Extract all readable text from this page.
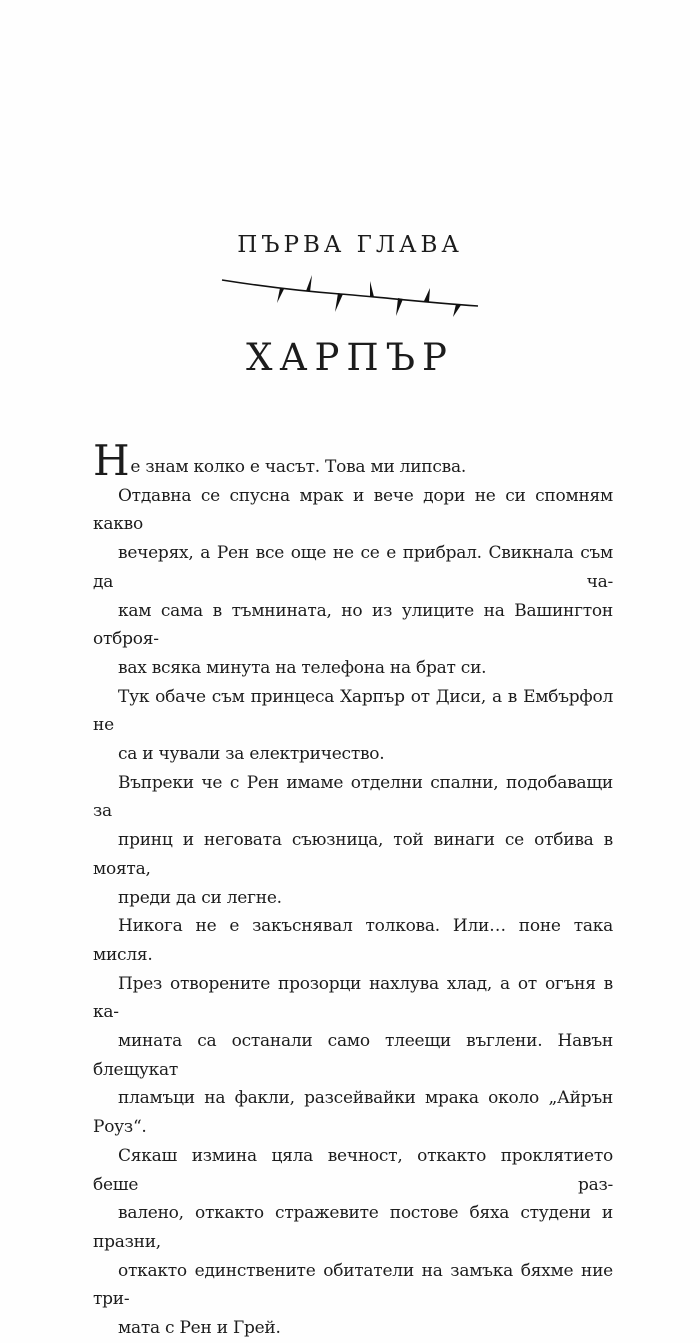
ПЪРВА ГЛАВА
ХАРПЪР

Не знам колко е часът. Това ми липсва.

Отдавна се спусна мрак и вече дори не си спомням какво
вечерях, а Рен все още не се е прибрал. Свикнала съм да ча-
кам сама в тъмнината, но из улиците на Вашингтон отброя-
вах всяка минута на телефона на брат си.

Тук обаче съм принцеса Харпър от Диси, а в Ембърфол не
са и чували за електричество.

Въпреки че с Рен имаме отделни спални, подобаващи за
принц и неговата съюзница, той винаги се отбива в моята,
преди да си легне.

Никога не е закъснявал толкова. Или… поне така мисля.

През отворените прозорци нахлува хлад, а от огъня в ка-
мината са останали само тлеещи въглени. Навън блещукат
пламъци на факли, разсейвайки мрака около „Айрън Роуз“.
Сякаш измина цяла вечност, откакто проклятието беше раз-
валено, откакто стражевите постове бяха студени и празни,
откакто единствените обитатели на замъка бяхме ние три-
мата с Рен и Грей.
